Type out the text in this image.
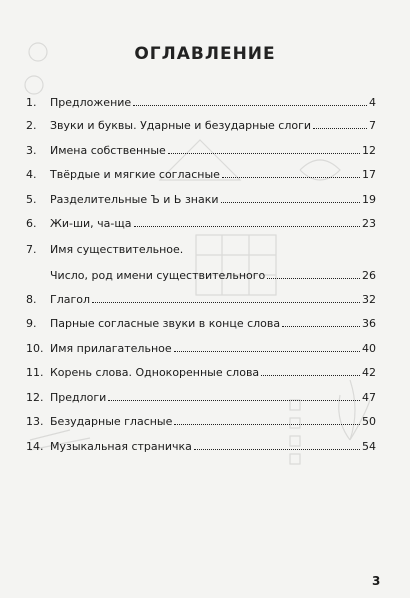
ОГЛАВЛЕНИЕ
1.	Предложение	4
2.	Звуки и буквы. Ударные и безударные слоги	7
3.	Имена собственные	12
4.	Твёрдые и мягкие согласные	17
5.	Разделительные Ъ и Ь знаки	19
6.	Жи-ши, ча-ща	23
7.	Имя существительное.
Число, род имени существительного	26
8.	Глагол	32
9.	Парные согласные звуки в конце слова	36
10. Имя прилагательное	40
11. Корень слова. Однокоренные слова	42
12. Предлоги	47
13. Безударные гласные	50
14. Музыкальная страничка	54
3
